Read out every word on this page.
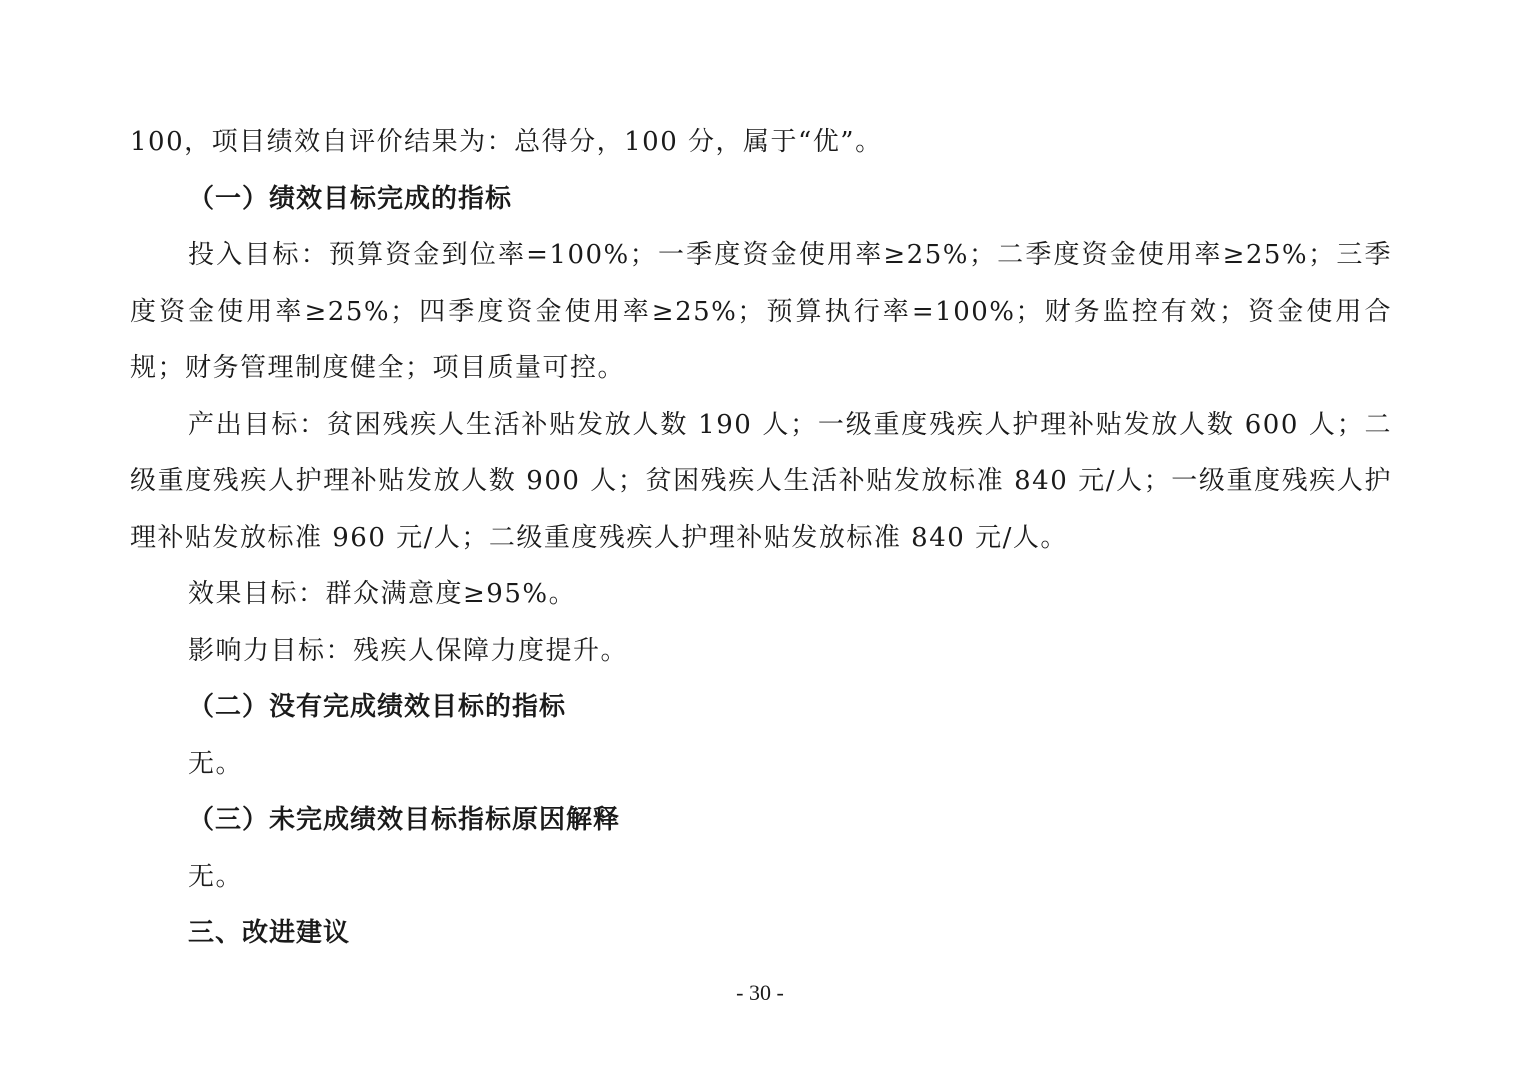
100，项目绩效自评价结果为：总得分，100 分，属于“优”。

（一）绩效目标完成的指标

投入目标：预算资金到位率=100%；一季度资金使用率≥25%；二季度资金使用率≥25%；三季度资金使用率≥25%；四季度资金使用率≥25%；预算执行率=100%；财务监控有效；资金使用合规；财务管理制度健全；项目质量可控。

产出目标：贫困残疾人生活补贴发放人数 190 人；一级重度残疾人护理补贴发放人数 600 人；二级重度残疾人护理补贴发放人数 900 人；贫困残疾人生活补贴发放标准 840 元/人；一级重度残疾人护理补贴发放标准 960 元/人；二级重度残疾人护理补贴发放标准 840 元/人。

效果目标：群众满意度≥95%。

影响力目标：残疾人保障力度提升。

（二）没有完成绩效目标的指标

无。

（三）未完成绩效目标指标原因解释

无。

三、改进建议

- 30 -
